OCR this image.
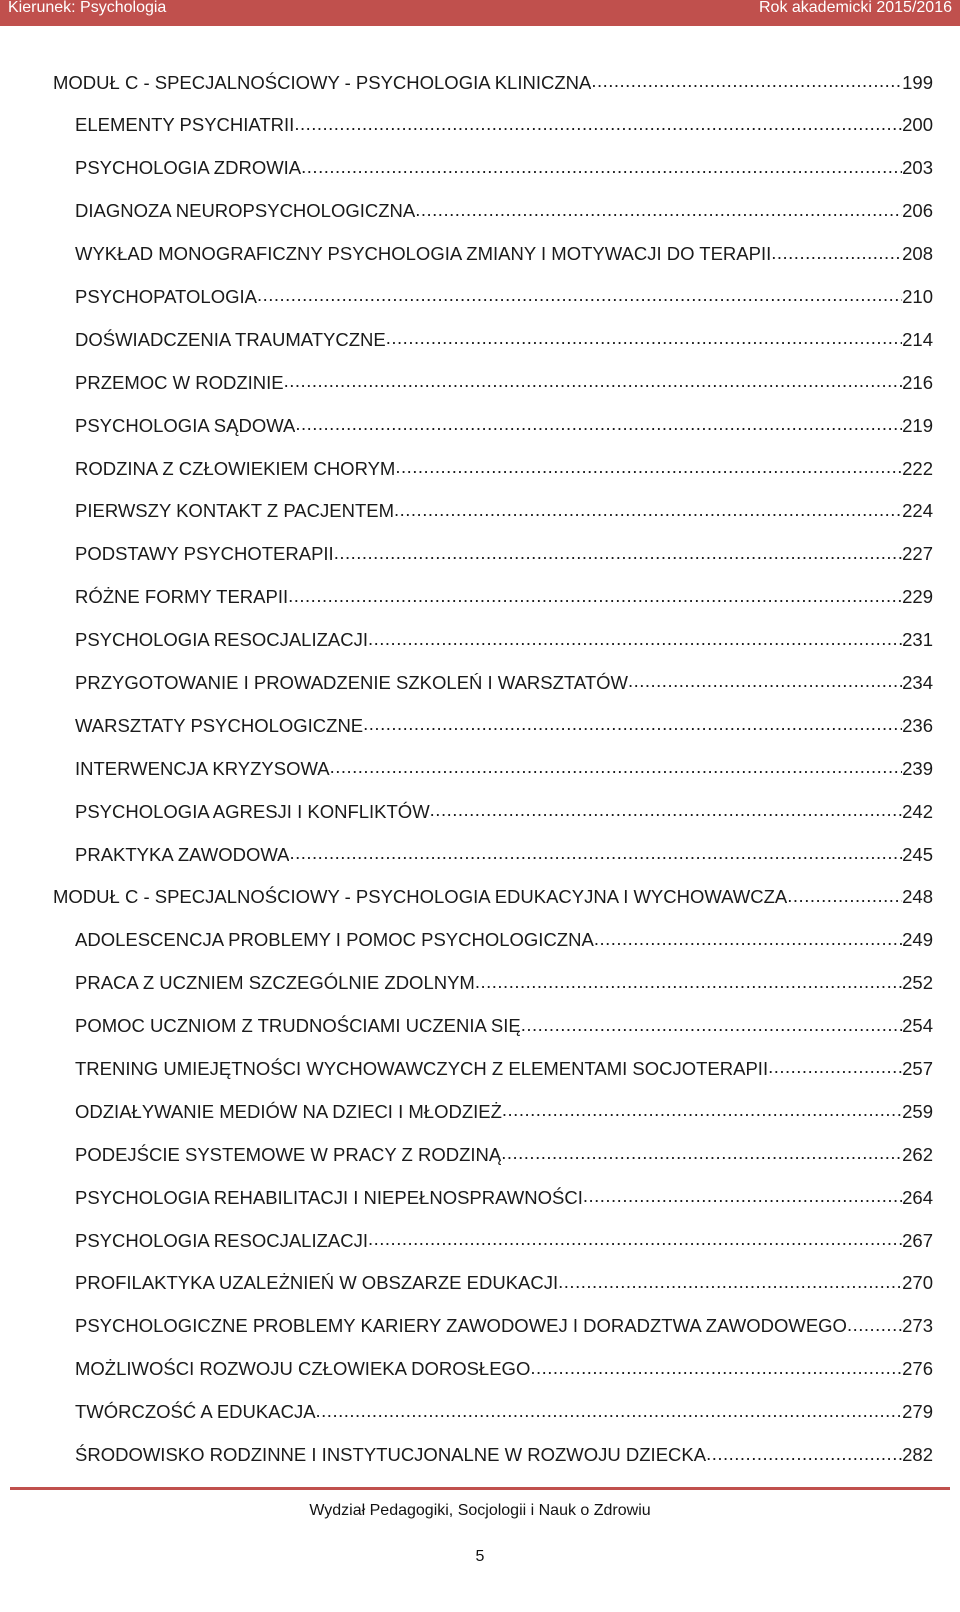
Kierunek: Psychologia	Rok akademicki 2015/2016
MODUŁ C - SPECJALNOŚCIOWY - PSYCHOLOGIA KLINICZNA .....	199
ELEMENTY PSYCHIATRII .....	200
PSYCHOLOGIA ZDROWIA .....	203
DIAGNOZA NEUROPSYCHOLOGICZNA .....	206
WYKŁAD MONOGRAFICZNY PSYCHOLOGIA ZMIANY I MOTYWACJI DO TERAPII .....	208
PSYCHOPATOLOGIA .....	210
DOŚWIADCZENIA TRAUMATYCZNE .....	214
PRZEMOC W RODZINIE .....	216
PSYCHOLOGIA SĄDOWA .....	219
RODZINA Z CZŁOWIEKIEM CHORYM .....	222
PIERWSZY KONTAKT Z PACJENTEM .....	224
PODSTAWY PSYCHOTERAPII .....	227
RÓŻNE FORMY TERAPII .....	229
PSYCHOLOGIA RESOCJALIZACJI .....	231
PRZYGOTOWANIE I PROWADZENIE SZKOLEŃ I WARSZTATÓW .....	234
WARSZTATY PSYCHOLOGICZNE .....	236
INTERWENCJA KRYZYSOWA .....	239
PSYCHOLOGIA AGRESJI I KONFLIKTÓW .....	242
PRAKTYKA ZAWODOWA .....	245
MODUŁ C - SPECJALNOŚCIOWY - PSYCHOLOGIA EDUKACYJNA I WYCHOWAWCZA .....	248
ADOLESCENCJA PROBLEMY I POMOC PSYCHOLOGICZNA .....	249
PRACA Z UCZNIEM SZCZEGÓLNIE ZDOLNYM .....	252
POMOC UCZNIOM Z TRUDNOŚCIAMI UCZENIA SIĘ .....	254
TRENING UMIEJĘTNOŚCI WYCHOWAWCZYCH Z ELEMENTAMI SOCJOTERAPII .....	257
ODZIAŁYWANIE MEDIÓW NA DZIECI I MŁODZIEŻ .....	259
PODEJŚCIE SYSTEMOWE W PRACY Z RODZINĄ .....	262
PSYCHOLOGIA REHABILITACJI I NIEPEŁNOSPRAWNOŚCI .....	264
PSYCHOLOGIA RESOCJALIZACJI .....	267
PROFILAKTYKA UZALEŻNIEŃ W OBSZARZE EDUKACJI .....	270
PSYCHOLOGICZNE PROBLEMY KARIERY ZAWODOWEJ I DORADZTWA ZAWODOWEGO .....	273
MOŻLIWOŚCI ROZWOJU CZŁOWIEKA DOROSŁEGO .....	276
TWÓRCZOŚĆ A EDUKACJA .....	279
ŚRODOWISKO RODZINNE I INSTYTUCJONALNE W ROZWOJU DZIECKA .....	282
Wydział Pedagogiki, Socjologii i Nauk o Zdrowiu
5
